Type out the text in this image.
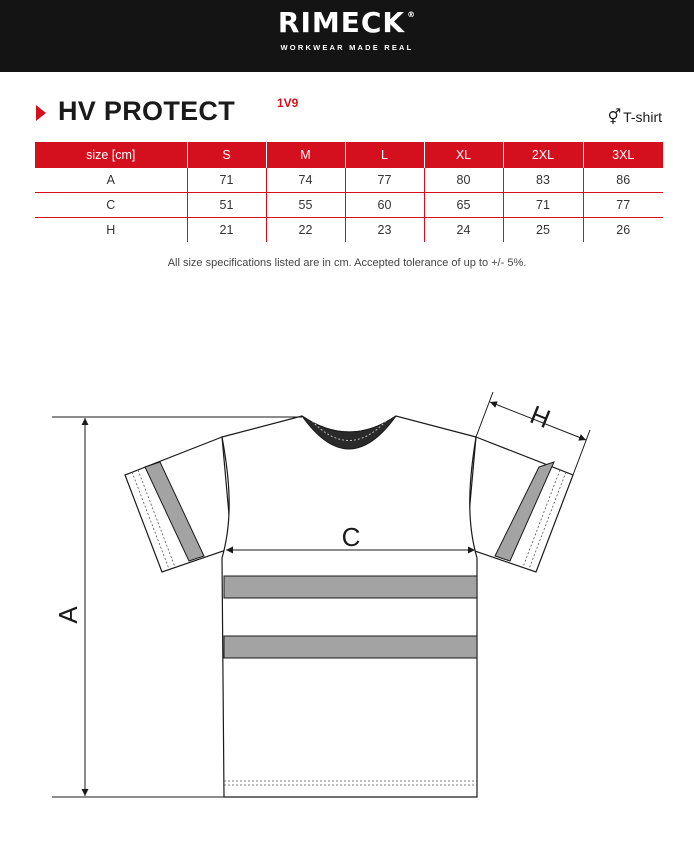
RIMECK ®
WORKWEAR MADE REAL
HV PROTECT	1V9
⚥ T-shirt
size [cm]	S	M	L	XL	2XL	3XL
A	71	74	77	80	83	86
C	51	55	60	65	71	77
H	21	22	23	24	25	26
All size specifications listed are in cm. Accepted tolerance of up to +/- 5%.
A
C
H
